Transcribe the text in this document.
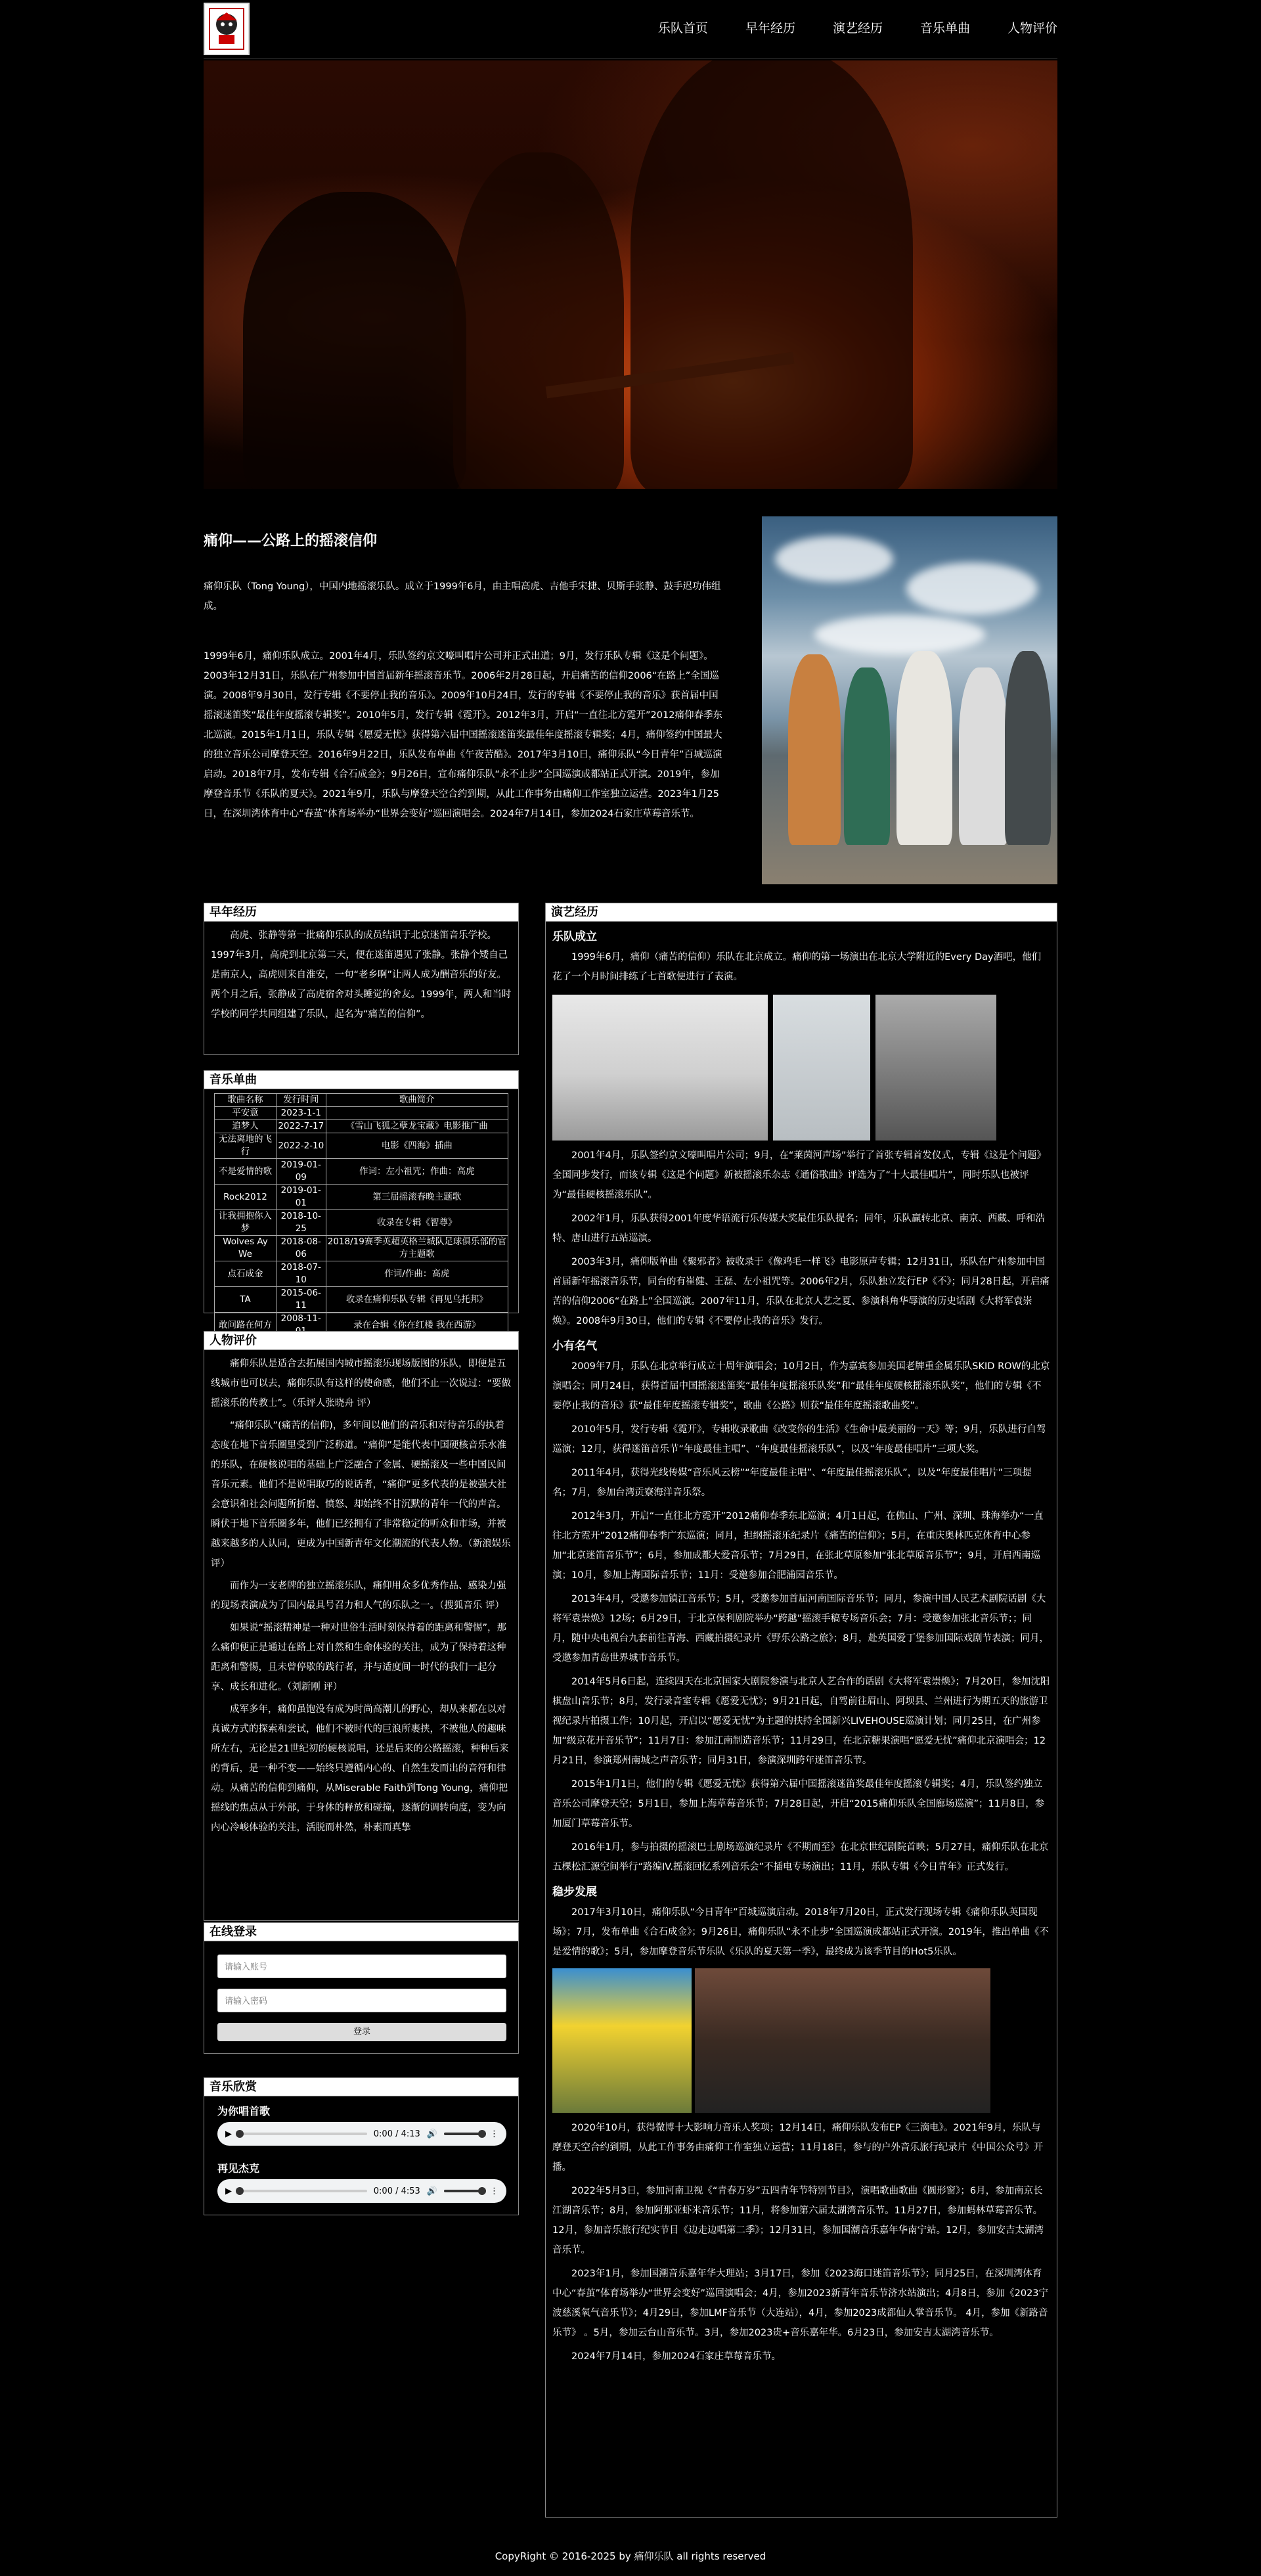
乐队首页	早年经历	演艺经历	音乐单曲	人物评价
痛仰——公路上的摇滚信仰
痛仰乐队（Tong Young），中国内地摇滚乐队。成立于1999年6月，由主唱高虎、吉他手宋捷、贝斯手张静、鼓手迟功伟组成。
1999年6月，痛仰乐队成立。2001年4月，乐队签约京文嚎叫唱片公司并正式出道；9月，发行乐队专辑《这是个问题》。2003年12月31日，乐队在广州参加中国首届新年摇滚音乐节。2006年2月28日起，开启痛苦的信仰2006“在路上”全国巡演。2008年9月30日，发行专辑《不要停止我的音乐》。2009年10月24日，发行的专辑《不要停止我的音乐》获首届中国摇滚迷笛奖“最佳年度摇滚专辑奖”。2010年5月，发行专辑《霓开》。2012年3月，开启“一直往北方霓开”2012痛仰春季东北巡演。2015年1月1日，乐队专辑《愿爱无忧》获得第六届中国摇滚迷笛奖最佳年度摇滚专辑奖；4月，痛仰签约中国最大的独立音乐公司摩登天空。2016年9月22日，乐队发布单曲《午夜苦酷》。2017年3月10日，痛仰乐队“今日青年”百城巡演启动。2018年7月，发布专辑《合石成金》；9月26日，宣布痛仰乐队“永不止步”全国巡演成都站正式开演。2019年，参加摩登音乐节《乐队的夏天》。2021年9月，乐队与摩登天空合约到期，从此工作事务由痛仰工作室独立运营。2023年1月25日，在深圳湾体育中心“春茧”体育场举办“世界会变好”巡回演唱会。2024年7月14日，参加2024石家庄草莓音乐节。
早年经历
高虎、张静等第一批痛仰乐队的成员结识于北京迷笛音乐学校。1997年3月，高虎到北京第二天，便在迷笛遇见了张静。张静个矮自己是南京人，高虎则来自淮安，一句“老乡啊”让两人成为酬音乐的好友。两个月之后，张静成了高虎宿舍对头睡觉的舍友。1999年，两人和当时学校的同学共同组建了乐队，起名为“痛苦的信仰”。
音乐单曲
歌曲名称	发行时间	歌曲简介
平安意	2023-1-1	
追梦人	2022-7-17	《雪山飞狐之孽龙宝藏》电影推广曲
无法离地的飞行	2022-2-10	电影《四海》插曲
不是爱情的歌	2019-01-09	作词：左小祖咒；作曲：高虎
Rock2012	2019-01-01	第三届摇滚春晚主题歌
让我拥抱你入梦	2018-10-25	收录在专辑《智尊》
Wolves Ay We	2018-08-06	2018/19赛季英超英格兰城队足球俱乐部的官方主题歌
点石成金	2018-07-10	作词/作曲：高虎
TA	2015-06-11	收录在痛仰乐队专辑《再见乌托邦》
敢问路在何方	2008-11-	录在合辑《你在红楼 我在西游》
人物评价
痛仰乐队是适合去拓展国内城市摇滚乐现场版图的乐队，即便是五线城市也可以去，痛仰乐队有这样的使命感，他们不止一次说过：“要做摇滚乐的传教士”。（乐评人张晓舟 评）
“痛仰乐队”(痛苦的信仰)，多年间以他们的音乐和对待音乐的执着态度在地下音乐圈里受到广泛称道。“痛仰”是能代表中国硬核音乐水准的乐队，在硬核说唱的基础上广泛融合了金属、硬摇滚及一些中国民间音乐元素。他们不是说唱取巧的说话者，“痛仰”更多代表的是被强大社会意识和社会问题所折磨、愤怒、却始终不甘沉默的青年一代的声音。瞬伏于地下音乐圈多年，他们已经拥有了非常稳定的听众和市场，并被越来越多的人认同，更成为中国新青年文化潮流的代表人物。（新浪娱乐 评）
而作为一支老牌的独立摇滚乐队，痛仰用众多优秀作品、感染力强的现场表演成为了国内最具号召力和人气的乐队之一。（搜狐音乐 评）
如果说“摇滚精神是一种对世俗生活时刻保持着的距离和警惕”，那么痛仰便正是通过在路上对自然和生命体验的关注，成为了保持着这种距离和警惕，且未曾停歇的践行者，并与适度间一时代的我们一起分享、成长和进化。（刘新刚 评）
成军多年，痛仰虽饱没有成为时尚高潮儿的野心，却从来都在以对真诚方式的探索和尝试，他们不被时代的巨浪所裹挟，不被他人的趣味所左右，无论是21世纪初的硬核说唱，还是后来的公路摇滚，种种后来的背后，是一种不变——始终只遵循内心的、自然生发而出的音符和律动。从痛苦的信仰到痛仰，从Miserable Faith到Tong Young，痛仰把摇线的焦点从于外部，于身体的释放和碰撞，逐渐的调转向度，变为向内心冷峻体验的关注，活脱而朴然，朴素而真挚
在线登录
请输入账号
登录
音乐欣赏
为你唱首歌
▶	0:00 / 4:13 🔊	⋮
再见杰克
▶	0:00 / 4:53 🔊	⋮
演艺经历
乐队成立
1999年6月，痛仰（痛苦的信仰）乐队在北京成立。痛仰的第一场演出在北京大学附近的Every Day酒吧，他们花了一个月时间排练了七首歌便进行了表演。

2001年4月，乐队签约京文嚎叫唱片公司；9月，在“莱茵河声场”举行了首张专辑首发仪式，专辑《这是个问题》全国同步发行，而该专辑《这是个问题》新被摇滚乐杂志《通俗歌曲》评选为了“十大最佳唱片”，同时乐队也被评为“最佳硬核摇滚乐队”。
2002年1月，乐队获得2001年度华语流行乐传媒大奖最佳乐队提名；同年，乐队赢转北京、南京、西藏、呼和浩特、唐山进行五站巡演。
2003年3月，痛仰版单曲《聚邪者》被收录于《像鸡毛一样飞》电影原声专辑；12月31日，乐队在广州参加中国首届新年摇滚音乐节，同台的有崔健、王磊、左小祖咒等。2006年2月，乐队独立发行EP《不》；同月28日起，开启痛苦的信仰2006“在路上”全国巡演。2007年11月，乐队在北京人艺之夏、参演科角华辱演的历史话剧《大将军袁崇焕》。2008年9月30日，他们的专辑《不要停止我的音乐》发行。
小有名气
2009年7月，乐队在北京举行成立十周年演唱会；10月2日，作为嘉宾参加美国老牌重金属乐队SKID ROW的北京演唱会；同月24日，获得首届中国摇滚迷笛奖“最佳年度摇滚乐队奖”和“最佳年度硬核摇滚乐队奖”，他们的专辑《不要停止我的音乐》获“最佳年度摇滚专辑奖”，歌曲《公路》则获“最佳年度摇滚歌曲奖”。
2010年5月，发行专辑《霓开》，专辑收录歌曲《改变你的生活》《生命中最美丽的一天》等；9月，乐队进行自驾巡演；12月，获得迷笛音乐节“年度最佳主唱”、“年度最佳摇滚乐队”，以及“年度最佳唱片”三项大奖。
2011年4月，获得光线传媒“音乐风云榜”“年度最佳主唱”、“年度最佳摇滚乐队”，以及“年度最佳唱片”三项提名；7月，参加台湾贡寮海洋音乐祭。
2012年3月，开启“一直往北方霓开”2012痛仰春季东北巡演；4月1日起，在佛山、广州、深圳、珠海举办“一直往北方霓开”2012痛仰春季广东巡演；同月，担纲摇滚乐纪录片《痛苦的信仰》；5月，在重庆奥林匹克体育中心参加“北京迷笛音乐节”；6月，参加成都大爱音乐节；7月29日，在张北草原参加“张北草原音乐节”；9月，开启西南巡演；10月，参加上海国际音乐节；11月：受邀参加合肥浦园音乐节。
2013年4月，受邀参加镇江音乐节；5月，受邀参加首届河南国际音乐节；同月，参演中国人民艺术剧院话剧《大将军袁崇焕》12场；6月29日，于北京保利剧院举办“跨越”摇滚手稿专场音乐会；7月：受邀参加张北音乐节；；同月，随中央电视台九套前往青海、西藏拍摄纪录片《野乐公路之旅》；8月，赴英国爱丁堡参加国际戏剧节表演；同月，受邀参加青岛世界城市音乐节。
2014年5月6日起，连续四天在北京国家大剧院参演与北京人艺合作的话剧《大将军袁崇焕》；7月20日，参加沈阳棋盘山音乐节；8月，发行录音室专辑《愿爱无忧》；9月21日起，自驾前往眉山、阿坝县、兰州进行为期五天的旅游卫视纪录片拍摄工作；10月起，开启以“愿爱无忧”为主题的扶持全国新兴LIVEHOUSE巡演计划；同月25日，在广州参加“级京花开音乐节”；11月7日：参加江南制造音乐节；11月29日，在北京糖果演唱“愿爱无忧”痛仰北京演唱会；12月21日，参演郑州南城之声音乐节；同月31日，参演深圳跨年迷笛音乐节。
2015年1月1日，他们的专辑《愿爱无忧》获得第六届中国摇滚迷笛奖最佳年度摇滚专辑奖；4月，乐队签约独立音乐公司摩登天空；5月1日，参加上海草莓音乐节；7月28日起，开启“2015痛仰乐队全国廊场巡演”；11月8日，参加厦门草莓音乐节。
2016年1月，参与拍摄的摇滚巴士剧场巡演纪录片《不期而至》在北京世纪剧院首映；5月27日，痛仰乐队在北京五棵松汇源空间举行“路编IV.摇滚回忆系列音乐会”不插电专场演出；11月，乐队专辑《今日青年》正式发行。
稳步发展
2017年3月10日，痛仰乐队“今日青年”百城巡演启动。2018年7月20日，正式发行现场专辑《痛仰乐队英国现场》；7月，发布单曲《合石成金》；9月26日，痛仰乐队“永不止步”全国巡演成都站正式开演。2019年，推出单曲《不是爱情的歌》；5月，参加摩登音乐节乐队《乐队的夏天第一季》，最终成为该季节目的Hot5乐队。

2020年10月，获得微博十大影响力音乐人奖项；12月14日，痛仰乐队发布EP《三滴电》。2021年9月，乐队与摩登天空合约到期，从此工作事务由痛仰工作室独立运营；11月18日，参与的户外音乐旅行纪录片《中国公众号》开播。
2022年5月3日，参加河南卫视《“青春万岁”五四青年节特别节目》，演唱歌曲歌曲《圆形窗》；6月，参加南京长江湖音乐节；8月，参加阿那亚虾米音乐节；11月，将参加第六届太湖湾音乐节。11月27日，参加蚂林草莓音乐节。12月，参加音乐旅行纪实节目《边走边唱第二季》；12月31日，参加国潮音乐嘉年华南宁站。12月，参加安吉太湖湾音乐节。
2023年1月，参加国潮音乐嘉年华大理站；3月17日，参加《2023海口迷笛音乐节》；同月25日，在深圳湾体育中心“春茧”体育场举办“世界会变好”巡回演唱会；4月，参加2023新青年音乐节济水站演出；4月8日，参加《2023宁波慈溪氧气音乐节》；4月29日，参加LMF音乐节（大连站），4月，参加2023成都仙人掌音乐节。 4月，参加《新路音乐节》 。5月，参加云台山音乐节。3月，参加2023贵+音乐嘉年华。6月23日，参加安吉太湖湾音乐节。
2024年7月14日，参加2024石家庄草莓音乐节。
CopyRight © 2016-2025 by 痛仰乐队 all rights reserved
